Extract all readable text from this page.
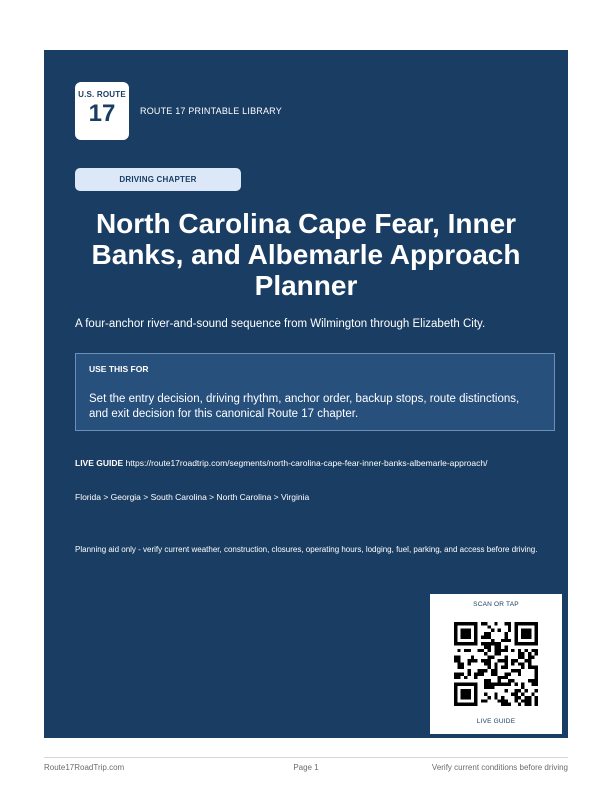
U.S. ROUTE
17	ROUTE 17 PRINTABLE LIBRARY
DRIVING CHAPTER
North Carolina Cape Fear, Inner Banks, and Albemarle Approach Planner

A four-anchor river-and-sound sequence from Wilmington through Elizabeth City.

USE THIS FOR
Set the entry decision, driving rhythm, anchor order, backup stops, route distinctions, and exit decision for this canonical Route 17 chapter.
LIVE GUIDE https://route17roadtrip.com/segments/north-carolina-cape-fear-inner-banks-albemarle-approach/
Florida > Georgia > South Carolina > North Carolina > Virginia
Planning aid only - verify current weather, construction, closures, operating hours, lodging, fuel, parking, and access before driving.
SCAN OR TAP
LIVE GUIDE
Route17RoadTrip.com	Page 1	Verify current conditions before driving
